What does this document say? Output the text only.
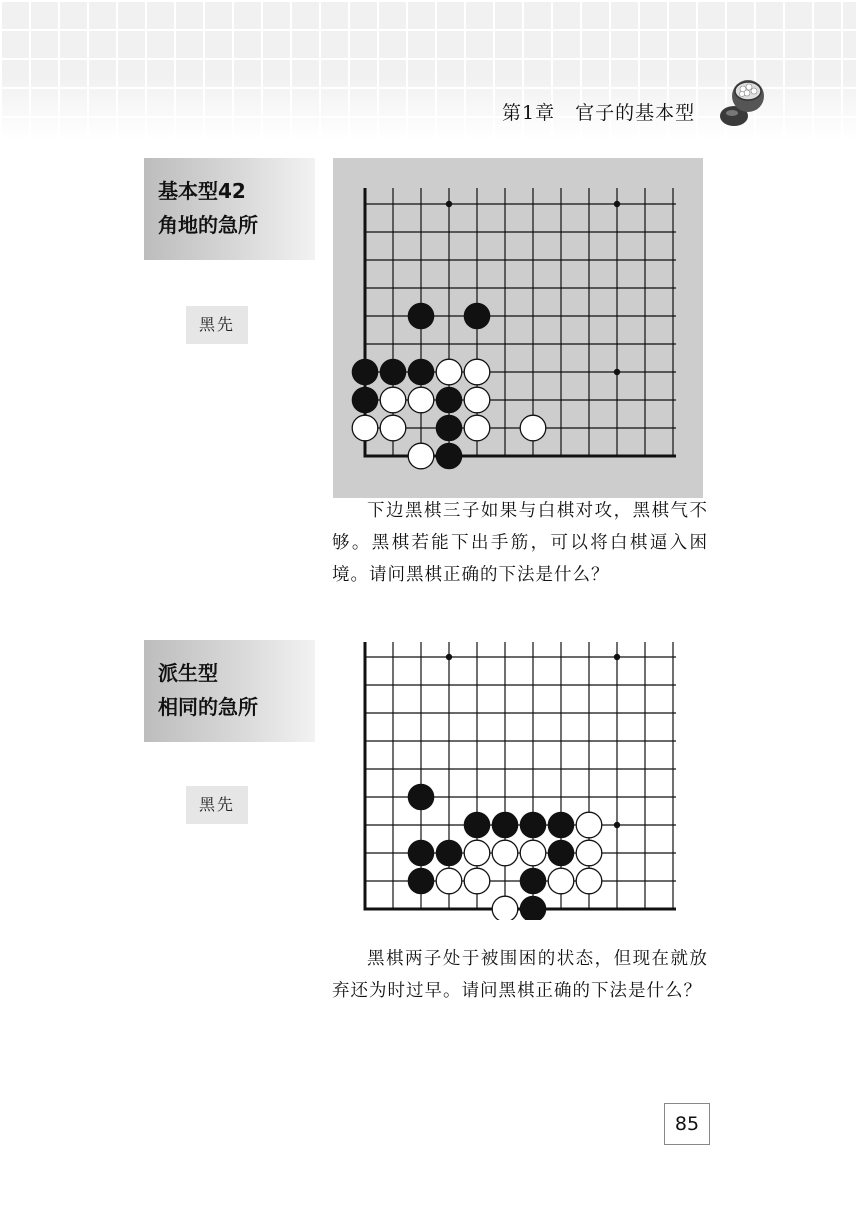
第1章　官子的基本型
基本型42
角地的急所
黑先
下边黑棋三子如果与白棋对攻，黑棋气不够。黑棋若能下出手筋，可以将白棋逼入困境。请问黑棋正确的下法是什么？
派生型
相同的急所
黑先
黑棋两子处于被围困的状态，但现在就放弃还为时过早。请问黑棋正确的下法是什么？
85
